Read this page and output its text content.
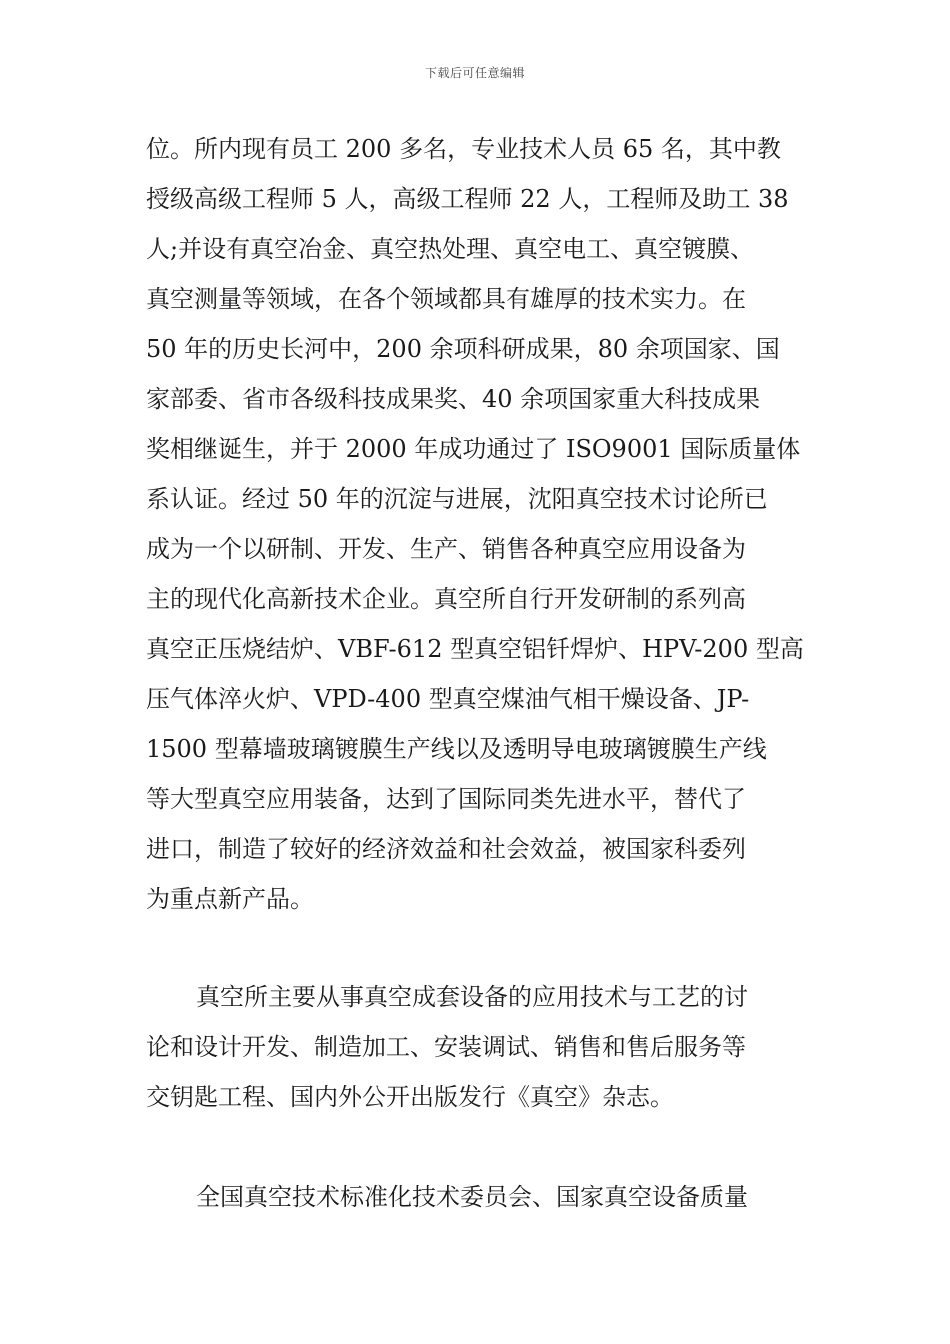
下载后可任意编辑
位。所内现有员工 200 多名，专业技术人员 65 名，其中教
授级高级工程师 5 人，高级工程师 22 人，工程师及助工 38
人;并设有真空冶金、真空热处理、真空电工、真空镀膜、
真空测量等领域，在各个领域都具有雄厚的技术实力。在
50 年的历史长河中，200 余项科研成果，80 余项国家、国
家部委、省市各级科技成果奖、40 余项国家重大科技成果
奖相继诞生，并于 2000 年成功通过了 ISO9001 国际质量体
系认证。经过 50 年的沉淀与进展，沈阳真空技术讨论所已
成为一个以研制、开发、生产、销售各种真空应用设备为
主的现代化高新技术企业。真空所自行开发研制的系列高
真空正压烧结炉、VBF-612 型真空铝钎焊炉、HPV-200 型高
压气体淬火炉、VPD-400 型真空煤油气相干燥设备、JP-
1500 型幕墙玻璃镀膜生产线以及透明导电玻璃镀膜生产线
等大型真空应用装备，达到了国际同类先进水平，替代了
进口，制造了较好的经济效益和社会效益，被国家科委列
为重点新产品。
真空所主要从事真空成套设备的应用技术与工艺的讨
论和设计开发、制造加工、安装调试、销售和售后服务等
交钥匙工程、国内外公开出版发行《真空》杂志。
全国真空技术标准化技术委员会、国家真空设备质量
